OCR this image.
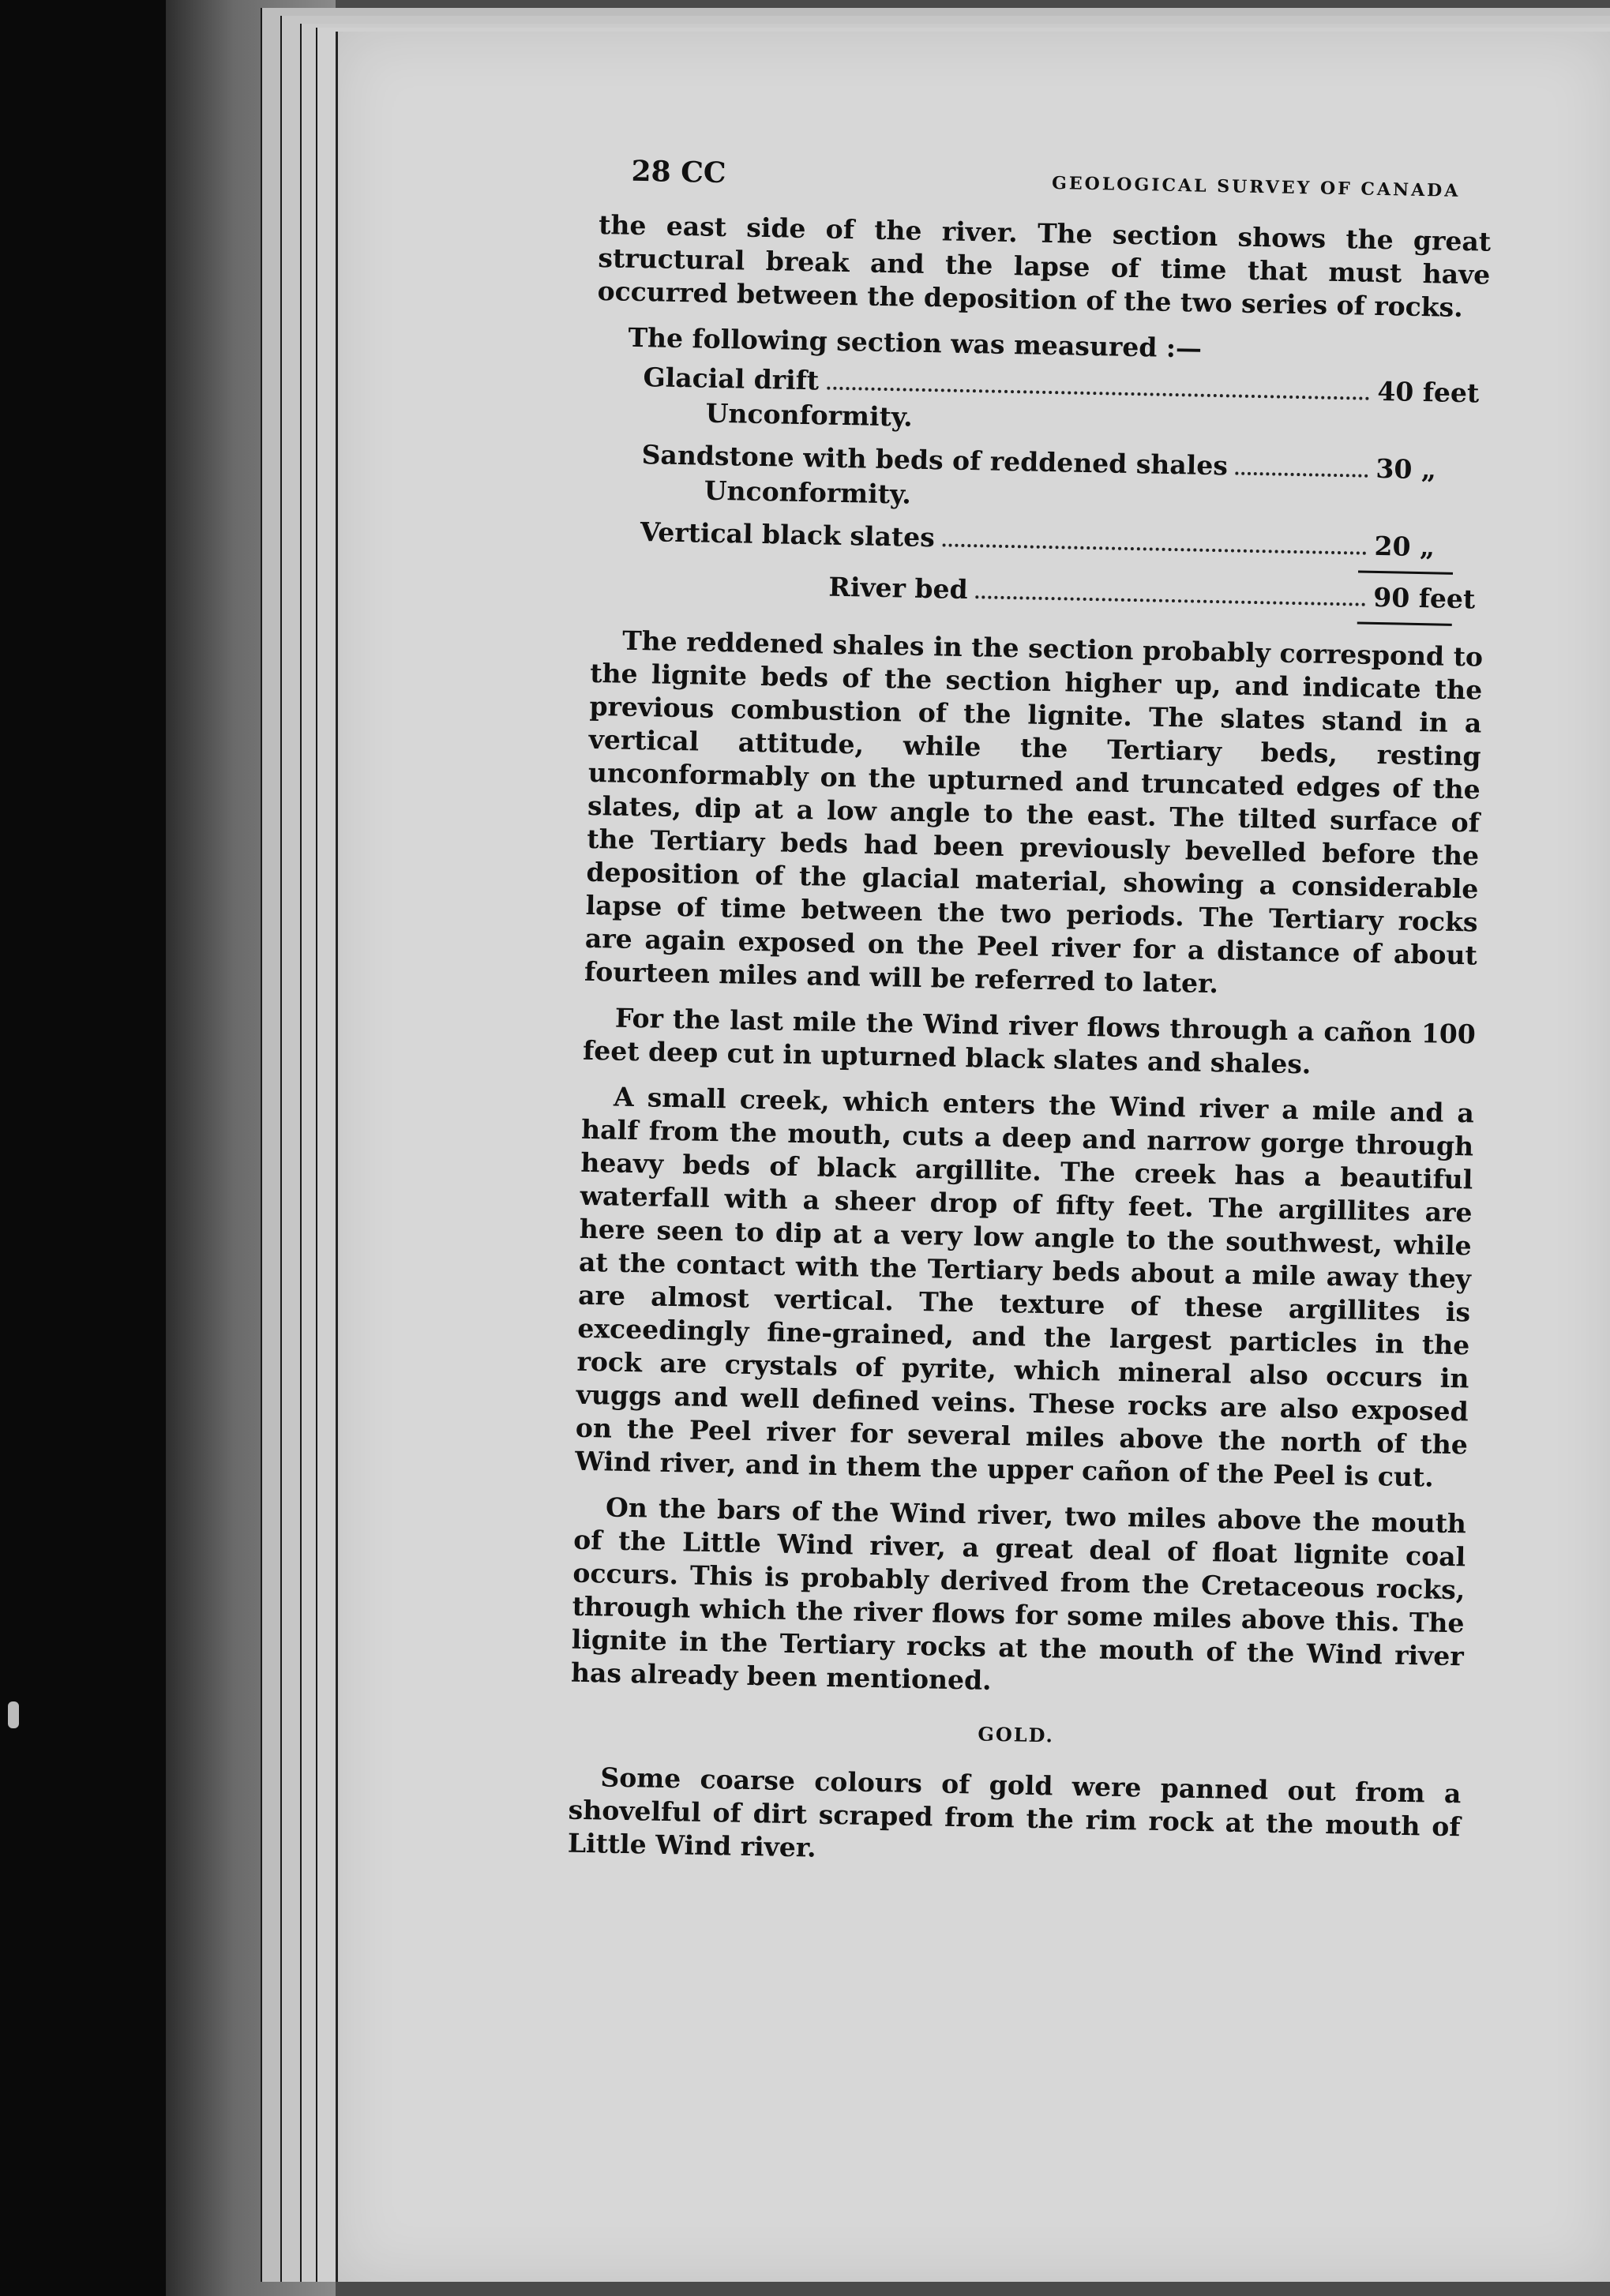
28 CC	GEOLOGICAL SURVEY OF CANADA

the east side of the river. The section shows the great structural break and the lapse of time that must have occurred between the deposition of the two series of rocks.

The following section was measured :—
Glacial drift	40 feet
Unconformity.
Sandstone with beds of reddened shales	30 „
Unconformity.
Vertical black slates	20 „
River bed	90 feet

The reddened shales in the section probably correspond to the lignite beds of the section higher up, and indicate the previous combustion of the lignite. The slates stand in a vertical attitude, while the Tertiary beds, resting unconformably on the upturned and truncated edges of the slates, dip at a low angle to the east. The tilted surface of the Tertiary beds had been previously bevelled before the deposition of the glacial material, showing a considerable lapse of time between the two periods. The Tertiary rocks are again exposed on the Peel river for a distance of about fourteen miles and will be referred to later.

For the last mile the Wind river flows through a cañon 100 feet deep cut in upturned black slates and shales.

A small creek, which enters the Wind river a mile and a half from the mouth, cuts a deep and narrow gorge through heavy beds of black argillite. The creek has a beautiful waterfall with a sheer drop of fifty feet. The argillites are here seen to dip at a very low angle to the southwest, while at the contact with the Tertiary beds about a mile away they are almost vertical. The texture of these argillites is exceedingly fine-grained, and the largest particles in the rock are crystals of pyrite, which mineral also occurs in vuggs and well defined veins. These rocks are also exposed on the Peel river for several miles above the north of the Wind river, and in them the upper cañon of the Peel is cut.

On the bars of the Wind river, two miles above the mouth of the Little Wind river, a great deal of float lignite coal occurs. This is probably derived from the Cretaceous rocks, through which the river flows for some miles above this. The lignite in the Tertiary rocks at the mouth of the Wind river has already been mentioned.

GOLD.

Some coarse colours of gold were panned out from a shovelful of dirt scraped from the rim rock at the mouth of Little Wind river.
